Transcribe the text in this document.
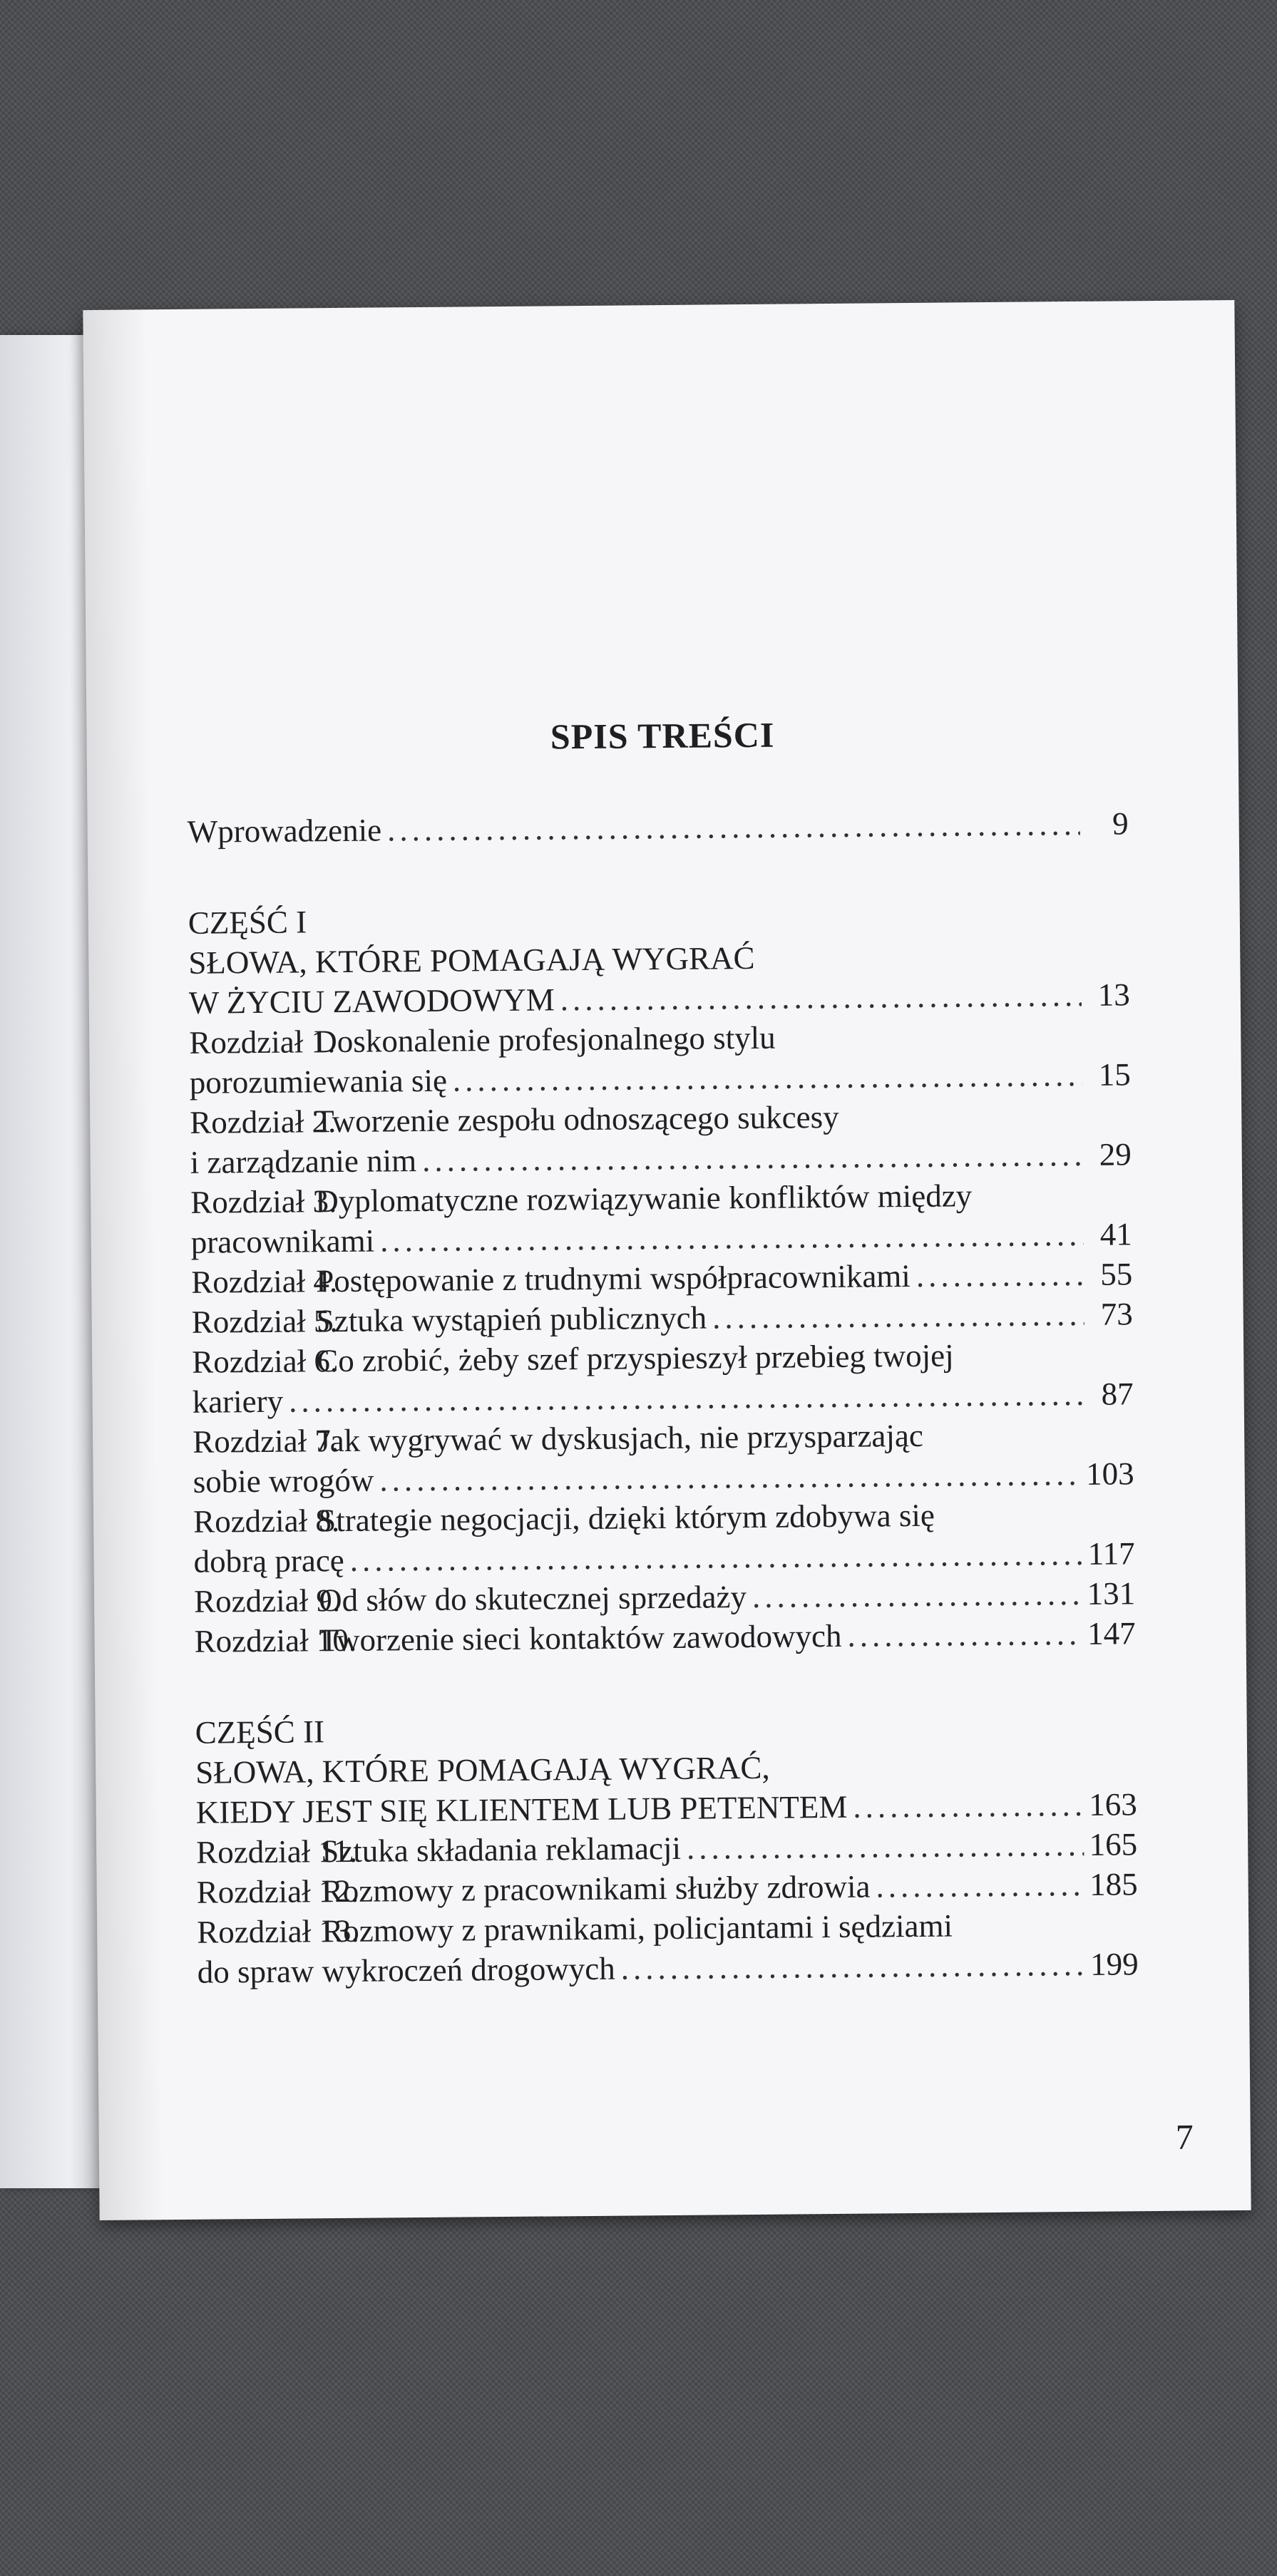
​
SPIS TREŚCI
Wprowadzenie .....	9
CZĘŚĆ I
SŁOWA, KTÓRE POMAGAJĄ WYGRAĆ
W ŻYCIU ZAWODOWYM .....	13
Rozdział 1.
Doskonalenie profesjonalnego stylu
porozumiewania się .....	15
Rozdział 2.
Tworzenie zespołu odnoszącego sukcesy
i zarządzanie nim .....	29
Rozdział 3.
Dyplomatyczne rozwiązywanie konfliktów między
pracownikami .....	41
Rozdział 4.
Postępowanie z trudnymi współpracownikami .....	55
Rozdział 5.
Sztuka wystąpień publicznych .....	73
Rozdział 6.
Co zrobić, żeby szef przyspieszył przebieg twojej
kariery .....	87
Rozdział 7.
Jak wygrywać w dyskusjach, nie przysparzając
sobie wrogów .....	103
Rozdział 8.
Strategie negocjacji, dzięki którym zdobywa się
dobrą pracę .....	117
Rozdział 9.
Od słów do skutecznej sprzedaży .....	131
Rozdział 10.
Tworzenie sieci kontaktów zawodowych .....	147
CZĘŚĆ II
SŁOWA, KTÓRE POMAGAJĄ WYGRAĆ,
KIEDY JEST SIĘ KLIENTEM LUB PETENTEM .....	163
Rozdział 11.
Sztuka składania reklamacji .....	165
Rozdział 12.
Rozmowy z pracownikami służby zdrowia .....	185
Rozdział 13.
Rozmowy z prawnikami, policjantami i sędziami
do spraw wykroczeń drogowych .....	199
7
